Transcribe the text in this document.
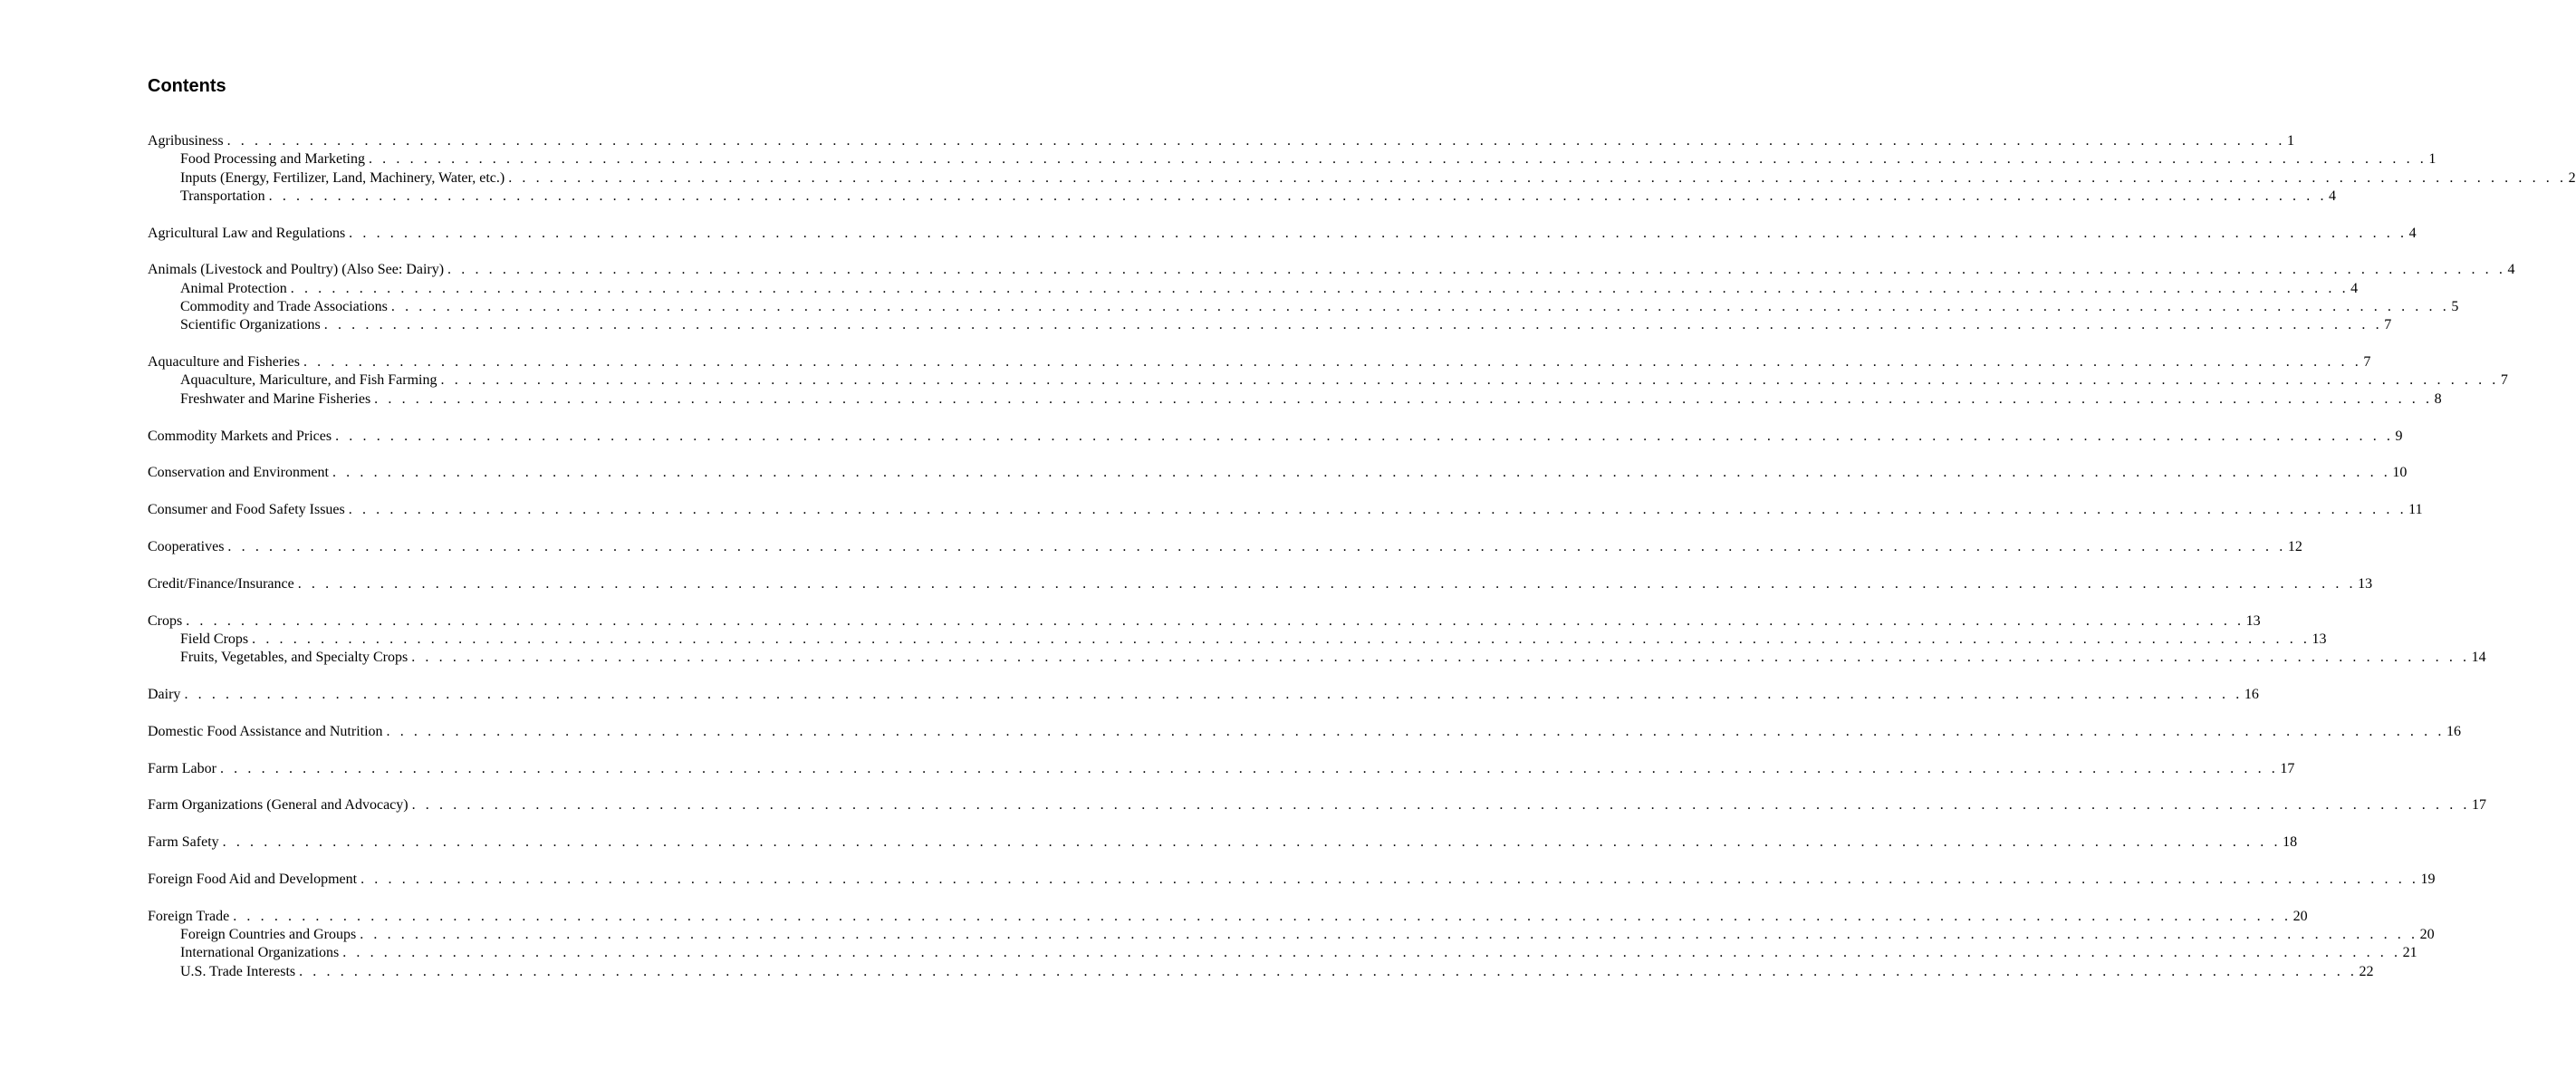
Contents
Agribusiness . . . . . . . . . . . . . . . . . . . . . . . . . . . . . . . . . . . . . . . . . . . . . . . . . . . . . . . . . . . . . . . . . . . . . . . . . . . . . . . . . . . . . . . . . . . . . . . . . . . . . . . . . . . . . . . . . . . . . . . . . . . . . . . . . . . . . . . . . . . . . . . . . . . . . . 1
Food Processing and Marketing . . . . . . . . . . . . . . . . . . . . . . . . . . . . . . . . . . . . . . . . . . . . . . . . . . . . . . . . . . . . . . . . . . . . . . . . . . . . . . . . . . . . . . . . . . . . . . . . . . . . . . . . . . . . . . . . . . . . . . . . . . . . . . . . . . . . . . . . . . . . . . . . . . . . . . 1
Inputs (Energy, Fertilizer, Land, Machinery, Water, etc.) . . . . . . . . . . . . . . . . . . . . . . . . . . . . . . . . . . . . . . . . . . . . . . . . . . . . . . . . . . . . . . . . . . . . . . . . . . . . . . . . . . . . . . . . . . . . . . . . . . . . . . . . . . . . . . . . . . . . . . . . . . . . . . . . . . . . . . . . . . . . . . . . . . . . . . 2
Transportation . . . . . . . . . . . . . . . . . . . . . . . . . . . . . . . . . . . . . . . . . . . . . . . . . . . . . . . . . . . . . . . . . . . . . . . . . . . . . . . . . . . . . . . . . . . . . . . . . . . . . . . . . . . . . . . . . . . . . . . . . . . . . . . . . . . . . . . . . . . . . . . . . . . . . . 4
Agricultural Law and Regulations . . . . . . . . . . . . . . . . . . . . . . . . . . . . . . . . . . . . . . . . . . . . . . . . . . . . . . . . . . . . . . . . . . . . . . . . . . . . . . . . . . . . . . . . . . . . . . . . . . . . . . . . . . . . . . . . . . . . . . . . . . . . . . . . . . . . . . . . . . . . . . . . . . . . . . 4
Animals (Livestock and Poultry) (Also See: Dairy) . . . . . . . . . . . . . . . . . . . . . . . . . . . . . . . . . . . . . . . . . . . . . . . . . . . . . . . . . . . . . . . . . . . . . . . . . . . . . . . . . . . . . . . . . . . . . . . . . . . . . . . . . . . . . . . . . . . . . . . . . . . . . . . . . . . . . . . . . . . . . . . . . . . . . . 4
Animal Protection . . . . . . . . . . . . . . . . . . . . . . . . . . . . . . . . . . . . . . . . . . . . . . . . . . . . . . . . . . . . . . . . . . . . . . . . . . . . . . . . . . . . . . . . . . . . . . . . . . . . . . . . . . . . . . . . . . . . . . . . . . . . . . . . . . . . . . . . . . . . . . . . . . . . . . 4
Commodity and Trade Associations . . . . . . . . . . . . . . . . . . . . . . . . . . . . . . . . . . . . . . . . . . . . . . . . . . . . . . . . . . . . . . . . . . . . . . . . . . . . . . . . . . . . . . . . . . . . . . . . . . . . . . . . . . . . . . . . . . . . . . . . . . . . . . . . . . . . . . . . . . . . . . . . . . . . . . 5
Scientific Organizations . . . . . . . . . . . . . . . . . . . . . . . . . . . . . . . . . . . . . . . . . . . . . . . . . . . . . . . . . . . . . . . . . . . . . . . . . . . . . . . . . . . . . . . . . . . . . . . . . . . . . . . . . . . . . . . . . . . . . . . . . . . . . . . . . . . . . . . . . . . . . . . . . . . . . . 7
Aquaculture and Fisheries . . . . . . . . . . . . . . . . . . . . . . . . . . . . . . . . . . . . . . . . . . . . . . . . . . . . . . . . . . . . . . . . . . . . . . . . . . . . . . . . . . . . . . . . . . . . . . . . . . . . . . . . . . . . . . . . . . . . . . . . . . . . . . . . . . . . . . . . . . . . . . . . . . . . . . 7
Aquaculture, Mariculture, and Fish Farming . . . . . . . . . . . . . . . . . . . . . . . . . . . . . . . . . . . . . . . . . . . . . . . . . . . . . . . . . . . . . . . . . . . . . . . . . . . . . . . . . . . . . . . . . . . . . . . . . . . . . . . . . . . . . . . . . . . . . . . . . . . . . . . . . . . . . . . . . . . . . . . . . . . . . . 7
Freshwater and Marine Fisheries . . . . . . . . . . . . . . . . . . . . . . . . . . . . . . . . . . . . . . . . . . . . . . . . . . . . . . . . . . . . . . . . . . . . . . . . . . . . . . . . . . . . . . . . . . . . . . . . . . . . . . . . . . . . . . . . . . . . . . . . . . . . . . . . . . . . . . . . . . . . . . . . . . . . . . 8
Commodity Markets and Prices . . . . . . . . . . . . . . . . . . . . . . . . . . . . . . . . . . . . . . . . . . . . . . . . . . . . . . . . . . . . . . . . . . . . . . . . . . . . . . . . . . . . . . . . . . . . . . . . . . . . . . . . . . . . . . . . . . . . . . . . . . . . . . . . . . . . . . . . . . . . . . . . . . . . . . 9
Conservation and Environment . . . . . . . . . . . . . . . . . . . . . . . . . . . . . . . . . . . . . . . . . . . . . . . . . . . . . . . . . . . . . . . . . . . . . . . . . . . . . . . . . . . . . . . . . . . . . . . . . . . . . . . . . . . . . . . . . . . . . . . . . . . . . . . . . . . . . . . . . . . . . . . . . . . . . . 10
Consumer and Food Safety Issues . . . . . . . . . . . . . . . . . . . . . . . . . . . . . . . . . . . . . . . . . . . . . . . . . . . . . . . . . . . . . . . . . . . . . . . . . . . . . . . . . . . . . . . . . . . . . . . . . . . . . . . . . . . . . . . . . . . . . . . . . . . . . . . . . . . . . . . . . . . . . . . . . . . . . . 11
Cooperatives . . . . . . . . . . . . . . . . . . . . . . . . . . . . . . . . . . . . . . . . . . . . . . . . . . . . . . . . . . . . . . . . . . . . . . . . . . . . . . . . . . . . . . . . . . . . . . . . . . . . . . . . . . . . . . . . . . . . . . . . . . . . . . . . . . . . . . . . . . . . . . . . . . . . . . 12
Credit/Finance/Insurance . . . . . . . . . . . . . . . . . . . . . . . . . . . . . . . . . . . . . . . . . . . . . . . . . . . . . . . . . . . . . . . . . . . . . . . . . . . . . . . . . . . . . . . . . . . . . . . . . . . . . . . . . . . . . . . . . . . . . . . . . . . . . . . . . . . . . . . . . . . . . . . . . . . . . . 13
Crops . . . . . . . . . . . . . . . . . . . . . . . . . . . . . . . . . . . . . . . . . . . . . . . . . . . . . . . . . . . . . . . . . . . . . . . . . . . . . . . . . . . . . . . . . . . . . . . . . . . . . . . . . . . . . . . . . . . . . . . . . . . . . . . . . . . . . . . . . . . . . . . . . . . . . . 13
Field Crops . . . . . . . . . . . . . . . . . . . . . . . . . . . . . . . . . . . . . . . . . . . . . . . . . . . . . . . . . . . . . . . . . . . . . . . . . . . . . . . . . . . . . . . . . . . . . . . . . . . . . . . . . . . . . . . . . . . . . . . . . . . . . . . . . . . . . . . . . . . . . . . . . . . . . . 13
Fruits, Vegetables, and Specialty Crops . . . . . . . . . . . . . . . . . . . . . . . . . . . . . . . . . . . . . . . . . . . . . . . . . . . . . . . . . . . . . . . . . . . . . . . . . . . . . . . . . . . . . . . . . . . . . . . . . . . . . . . . . . . . . . . . . . . . . . . . . . . . . . . . . . . . . . . . . . . . . . . . . . . . . . 14
Dairy . . . . . . . . . . . . . . . . . . . . . . . . . . . . . . . . . . . . . . . . . . . . . . . . . . . . . . . . . . . . . . . . . . . . . . . . . . . . . . . . . . . . . . . . . . . . . . . . . . . . . . . . . . . . . . . . . . . . . . . . . . . . . . . . . . . . . . . . . . . . . . . . . . . . . . 16
Domestic Food Assistance and Nutrition . . . . . . . . . . . . . . . . . . . . . . . . . . . . . . . . . . . . . . . . . . . . . . . . . . . . . . . . . . . . . . . . . . . . . . . . . . . . . . . . . . . . . . . . . . . . . . . . . . . . . . . . . . . . . . . . . . . . . . . . . . . . . . . . . . . . . . . . . . . . . . . . . . . . . . 16
Farm Labor . . . . . . . . . . . . . . . . . . . . . . . . . . . . . . . . . . . . . . . . . . . . . . . . . . . . . . . . . . . . . . . . . . . . . . . . . . . . . . . . . . . . . . . . . . . . . . . . . . . . . . . . . . . . . . . . . . . . . . . . . . . . . . . . . . . . . . . . . . . . . . . . . . . . . . 17
Farm Organizations (General and Advocacy) . . . . . . . . . . . . . . . . . . . . . . . . . . . . . . . . . . . . . . . . . . . . . . . . . . . . . . . . . . . . . . . . . . . . . . . . . . . . . . . . . . . . . . . . . . . . . . . . . . . . . . . . . . . . . . . . . . . . . . . . . . . . . . . . . . . . . . . . . . . . . . . . . . . . . . 17
Farm Safety . . . . . . . . . . . . . . . . . . . . . . . . . . . . . . . . . . . . . . . . . . . . . . . . . . . . . . . . . . . . . . . . . . . . . . . . . . . . . . . . . . . . . . . . . . . . . . . . . . . . . . . . . . . . . . . . . . . . . . . . . . . . . . . . . . . . . . . . . . . . . . . . . . . . . . 18
Foreign Food Aid and Development . . . . . . . . . . . . . . . . . . . . . . . . . . . . . . . . . . . . . . . . . . . . . . . . . . . . . . . . . . . . . . . . . . . . . . . . . . . . . . . . . . . . . . . . . . . . . . . . . . . . . . . . . . . . . . . . . . . . . . . . . . . . . . . . . . . . . . . . . . . . . . . . . . . . . . 19
Foreign Trade . . . . . . . . . . . . . . . . . . . . . . . . . . . . . . . . . . . . . . . . . . . . . . . . . . . . . . . . . . . . . . . . . . . . . . . . . . . . . . . . . . . . . . . . . . . . . . . . . . . . . . . . . . . . . . . . . . . . . . . . . . . . . . . . . . . . . . . . . . . . . . . . . . . . . . 20
Foreign Countries and Groups . . . . . . . . . . . . . . . . . . . . . . . . . . . . . . . . . . . . . . . . . . . . . . . . . . . . . . . . . . . . . . . . . . . . . . . . . . . . . . . . . . . . . . . . . . . . . . . . . . . . . . . . . . . . . . . . . . . . . . . . . . . . . . . . . . . . . . . . . . . . . . . . . . . . . . 20
International Organizations . . . . . . . . . . . . . . . . . . . . . . . . . . . . . . . . . . . . . . . . . . . . . . . . . . . . . . . . . . . . . . . . . . . . . . . . . . . . . . . . . . . . . . . . . . . . . . . . . . . . . . . . . . . . . . . . . . . . . . . . . . . . . . . . . . . . . . . . . . . . . . . . . . . . . . 21
U.S. Trade Interests . . . . . . . . . . . . . . . . . . . . . . . . . . . . . . . . . . . . . . . . . . . . . . . . . . . . . . . . . . . . . . . . . . . . . . . . . . . . . . . . . . . . . . . . . . . . . . . . . . . . . . . . . . . . . . . . . . . . . . . . . . . . . . . . . . . . . . . . . . . . . . . . . . . . . . 22
